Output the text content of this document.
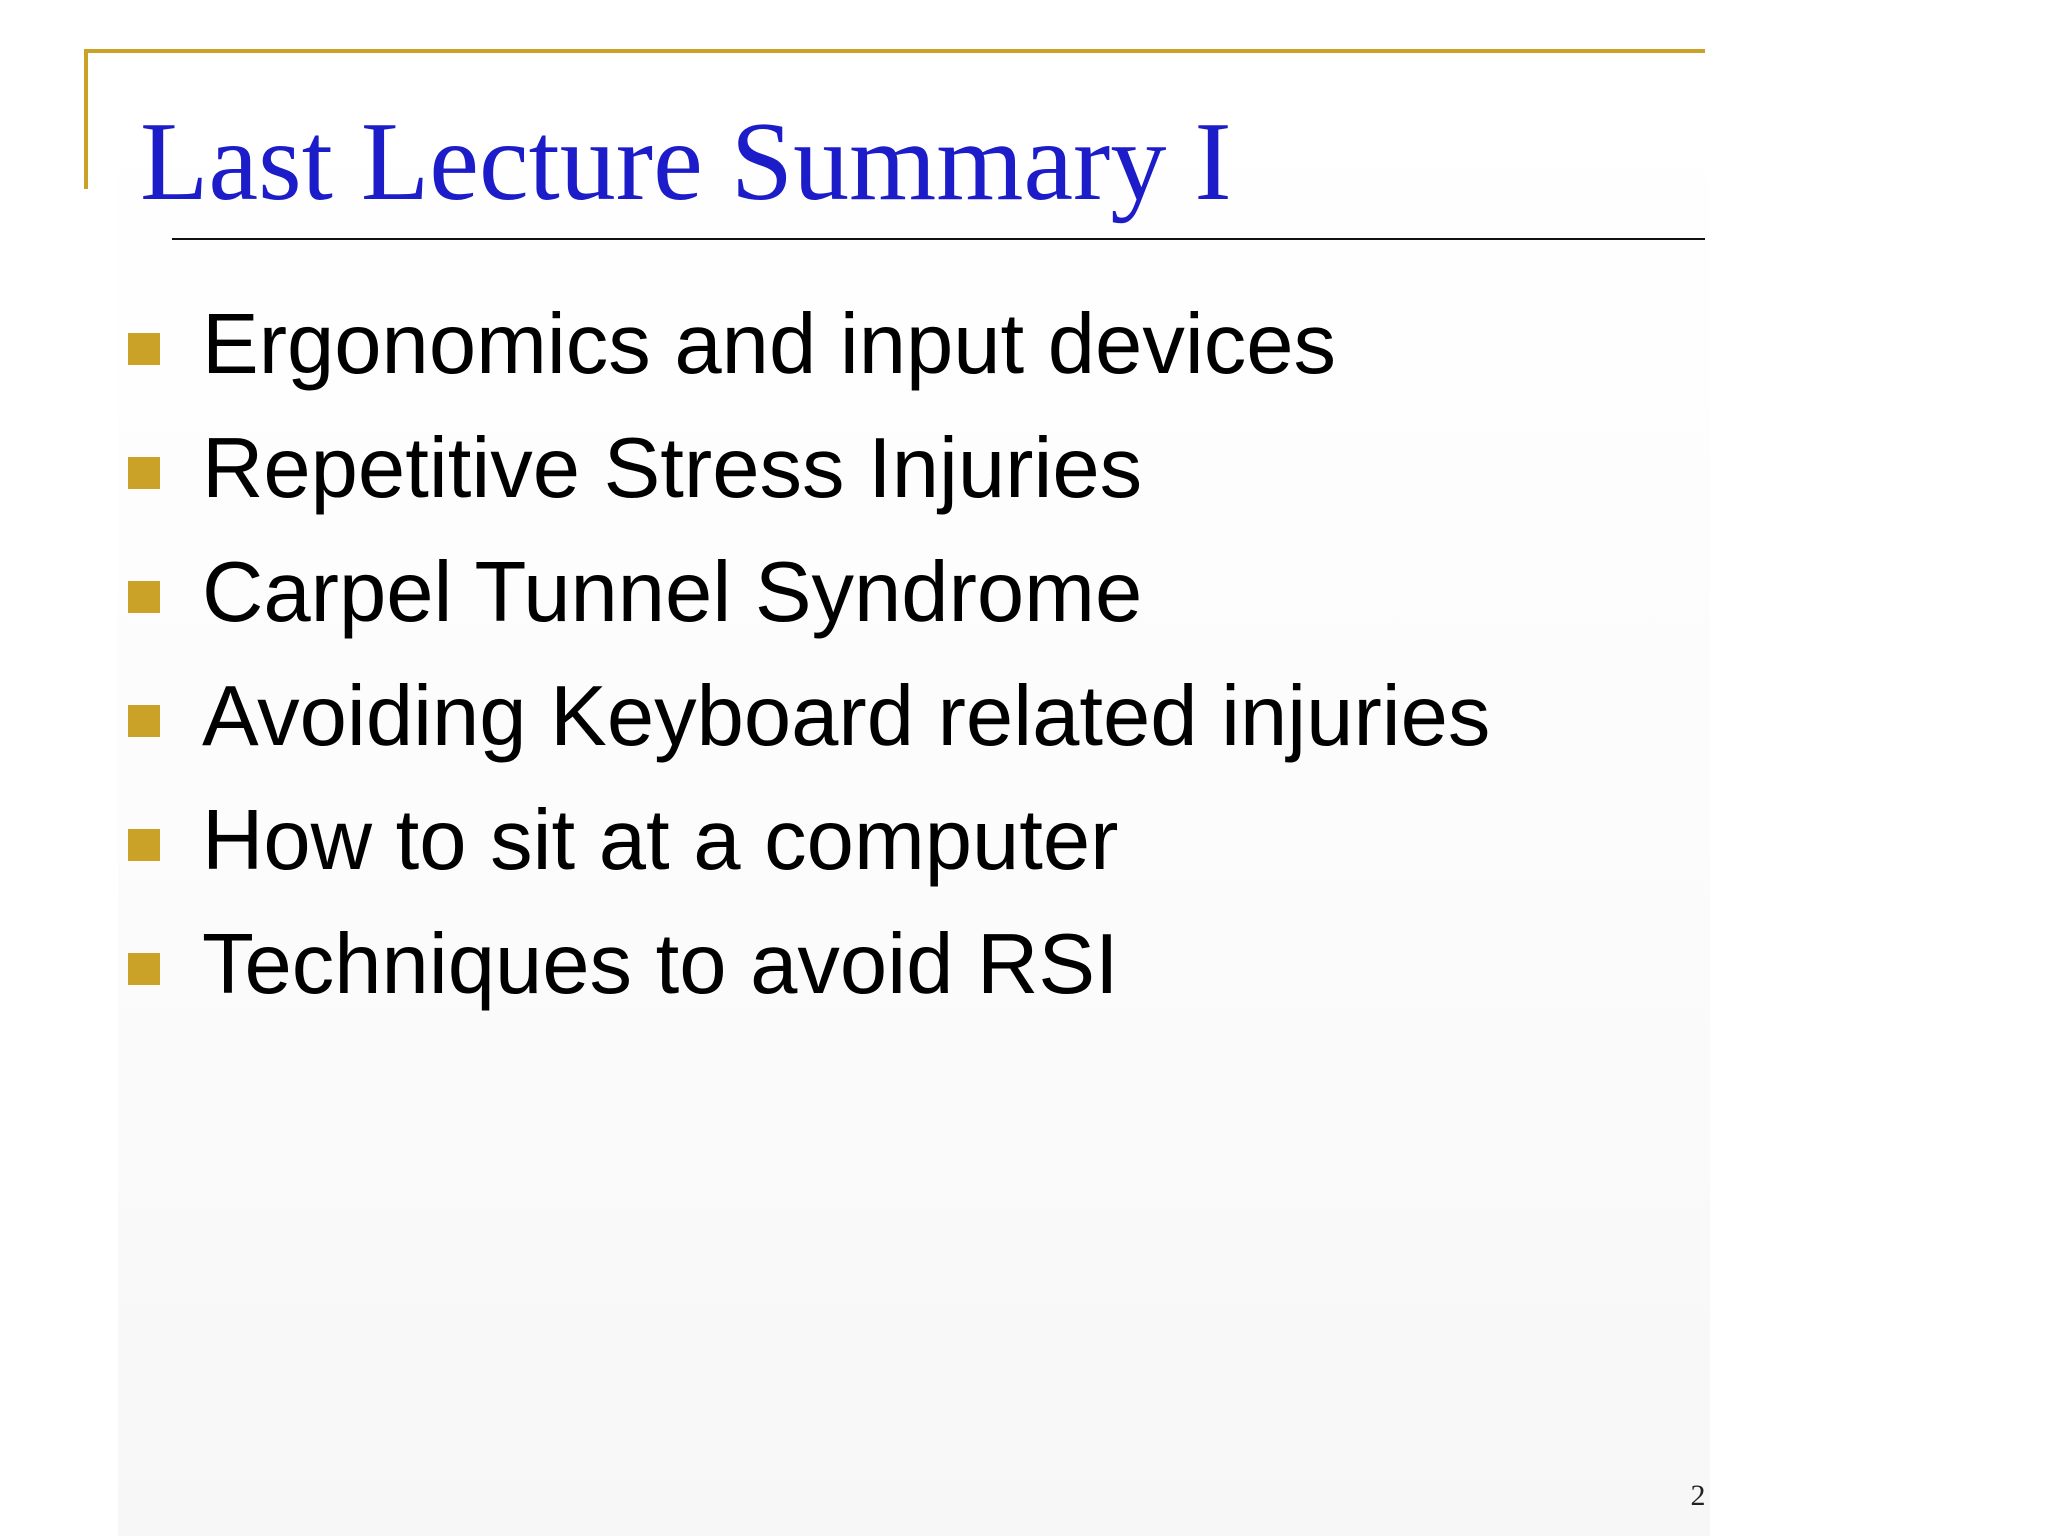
Last Lecture Summary I
Ergonomics and input devices
Repetitive Stress Injuries
Carpel Tunnel Syndrome
Avoiding Keyboard related injuries
How to sit at a computer
Techniques to avoid RSI
2
